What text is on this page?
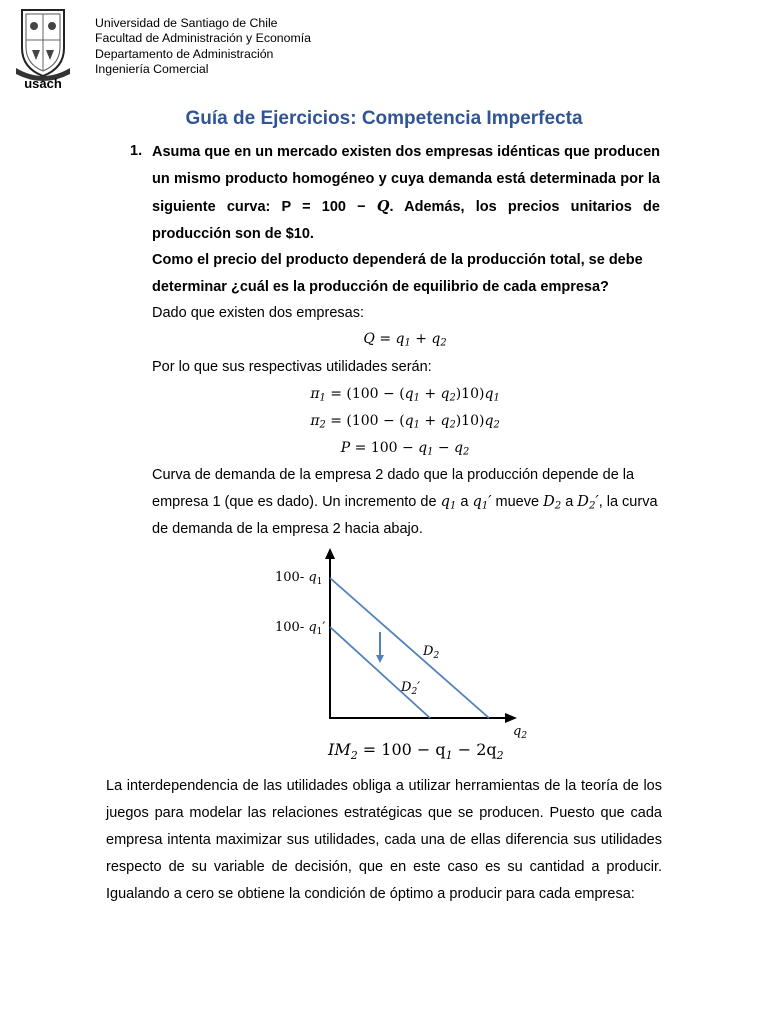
usach
Universidad de Santiago de Chile
Facultad de Administración y Economía
Departamento de Administración
Ingeniería Comercial
Guía de Ejercicios: Competencia Imperfecta
1. Asuma que en un mercado existen dos empresas idénticas que producen un mismo producto homogéneo y cuya demanda está determinada por la siguiente curva: P = 100 − Q. Además, los precios unitarios de producción son de $10.

Como el precio del producto dependerá de la producción total, se debe determinar ¿cuál es la producción de equilibrio de cada empresa?

Dado que existen dos empresas:
$Q = q_1 + q_2$
Por lo que sus respectivas utilidades serán:
$\pi_1 = (100 - (q_1 + q_2)10)q_1$
$\pi_2 = (100 - (q_1 + q_2)10)q_2$
$P = 100 - q_1 - q_2$

Curva de demanda de la empresa 2 dado que la producción depende de la empresa 1 (que es dado). Un incremento de $q_1$ a $q_1'$ mueve $D_2$ a $D_2'$, la curva de demanda de la empresa 2 hacia abajo.

100- $q_1$
100- $q_1'$
$D_2$
$D_2'$
$q_2$
$IM_2 = 100 - q_1 - 2q_2$

La interdependencia de las utilidades obliga a utilizar herramientas de la teoría de los juegos para modelar las relaciones estratégicas que se producen. Puesto que cada empresa intenta maximizar sus utilidades, cada una de ellas diferencia sus utilidades respecto de su variable de decisión, que en este caso es su cantidad a producir. Igualando a cero se obtiene la condición de óptimo a producir para cada empresa:
